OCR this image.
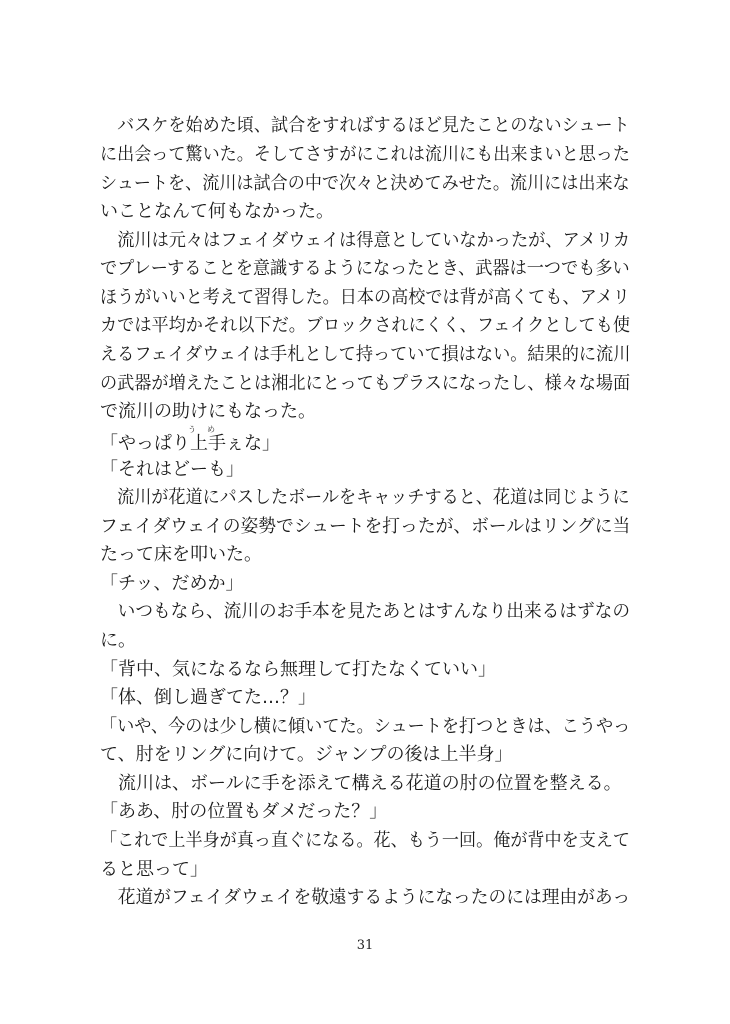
　バスケを始めた頃、試合をすればするほど見たことのないシュート
に出会って驚いた。そしてさすがにこれは流川にも出来まいと思った
シュートを、流川は試合の中で次々と決めてみせた。流川には出来な
いことなんて何もなかった。
　流川は元々はフェイダウェイは得意としていなかったが、アメリカ
でプレーすることを意識するようになったとき、武器は一つでも多い
ほうがいいと考えて習得した。日本の高校では背が高くても、アメリ
カでは平均かそれ以下だ。ブロックされにくく、フェイクとしても使
えるフェイダウェイは手札として持っていて損はない。結果的に流川
の武器が増えたことは湘北にとってもプラスになったし、様々な場面
で流川の助けにもなった。
う め
「やっぱり上手ぇな」
「それはどーも」
　流川が花道にパスしたボールをキャッチすると、花道は同じように
フェイダウェイの姿勢でシュートを打ったが、ボールはリングに当
たって床を叩いた。
「チッ、だめか」
　いつもなら、流川のお手本を見たあとはすんなり出来るはずなの
に。
「背中、気になるなら無理して打たなくていい」
「体、倒し過ぎてた…？」
「いや、今のは少し横に傾いてた。シュートを打つときは、こうやっ
て、肘をリングに向けて。ジャンプの後は上半身」
　流川は、ボールに手を添えて構える花道の肘の位置を整える。
「ああ、肘の位置もダメだった？」
「これで上半身が真っ直ぐになる。花、もう一回。俺が背中を支えて
ると思って」
　花道がフェイダウェイを敬遠するようになったのには理由があっ
31
